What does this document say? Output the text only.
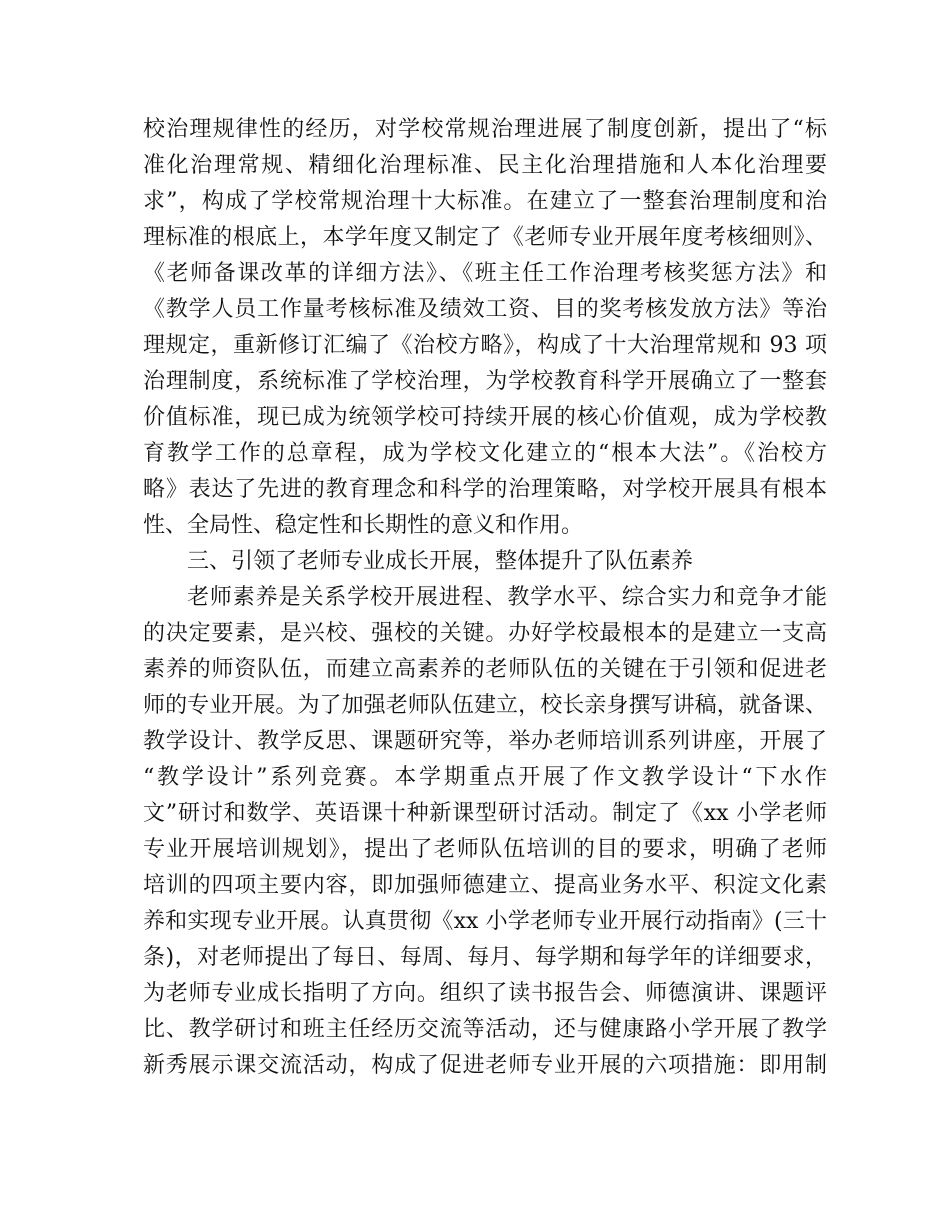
校治理规律性的经历，对学校常规治理进展了制度创新，提出了“标
准化治理常规、精细化治理标准、民主化治理措施和人本化治理要
求”，构成了学校常规治理十大标准。在建立了一整套治理制度和治
理标准的根底上，本学年度又制定了《老师专业开展年度考核细则》、
《老师备课改革的详细方法》、《班主任工作治理考核奖惩方法》和
《教学人员工作量考核标准及绩效工资、目的奖考核发放方法》等治
理规定，重新修订汇编了《治校方略》，构成了十大治理常规和 93 项
治理制度，系统标准了学校治理，为学校教育科学开展确立了一整套
价值标准，现已成为统领学校可持续开展的核心价值观，成为学校教
育教学工作的总章程，成为学校文化建立的“根本大法”。《治校方
略》表达了先进的教育理念和科学的治理策略，对学校开展具有根本
性、全局性、稳定性和长期性的意义和作用。
三、引领了老师专业成长开展，整体提升了队伍素养
老师素养是关系学校开展进程、教学水平、综合实力和竞争才能
的决定要素，是兴校、强校的关键。办好学校最根本的是建立一支高
素养的师资队伍，而建立高素养的老师队伍的关键在于引领和促进老
师的专业开展。为了加强老师队伍建立，校长亲身撰写讲稿，就备课、
教学设计、教学反思、课题研究等，举办老师培训系列讲座，开展了
“教学设计”系列竞赛。本学期重点开展了作文教学设计“下水作
文”研讨和数学、英语课十种新课型研讨活动。制定了《xx 小学老师
专业开展培训规划》，提出了老师队伍培训的目的要求，明确了老师
培训的四项主要内容，即加强师德建立、提高业务水平、积淀文化素
养和实现专业开展。认真贯彻《xx 小学老师专业开展行动指南》(三十
条)，对老师提出了每日、每周、每月、每学期和每学年的详细要求，
为老师专业成长指明了方向。组织了读书报告会、师德演讲、课题评
比、教学研讨和班主任经历交流等活动，还与健康路小学开展了教学
新秀展示课交流活动，构成了促进老师专业开展的六项措施：即用制
